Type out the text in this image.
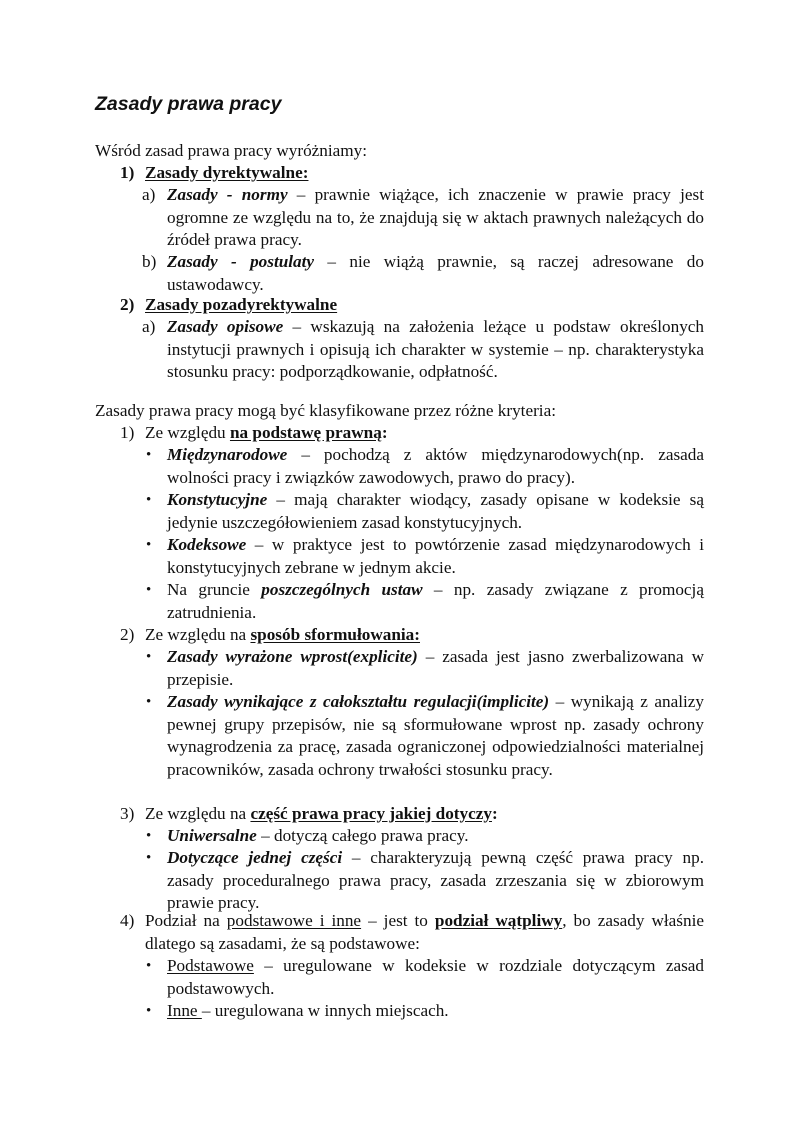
Zasady prawa pracy
Wśród zasad prawa pracy wyróżniamy:
1) Zasady dyrektywalne:
a) Zasady - normy – prawnie wiążące, ich znaczenie w prawie pracy jest ogromne ze względu na to, że znajdują się w aktach prawnych należących do źródeł prawa pracy.
b) Zasady - postulaty – nie wiążą prawnie, są raczej adresowane do ustawodawcy.
2) Zasady pozadyrektywalne
a) Zasady opisowe – wskazują na założenia leżące u podstaw określonych instytucji prawnych i opisują ich charakter w systemie – np. charakterystyka stosunku pracy: podporządkowanie, odpłatność.
Zasady prawa pracy mogą być klasyfikowane przez różne kryteria:
1) Ze względu na podstawę prawną:
• Międzynarodowe – pochodzą z aktów międzynarodowych(np. zasada wolności pracy i związków zawodowych, prawo do pracy).
• Konstytucyjne – mają charakter wiodący, zasady opisane w kodeksie są jedynie uszczegółowieniem zasad konstytucyjnych.
• Kodeksowe – w praktyce jest to powtórzenie zasad międzynarodowych i konstytucyjnych zebrane w jednym akcie.
• Na gruncie poszczególnych ustaw – np. zasady związane z promocją zatrudnienia.
2) Ze względu na sposób sformułowania:
• Zasady wyrażone wprost(explicite) – zasada jest jasno zwerbalizowana w przepisie.
• Zasady wynikające z całokształtu regulacji(implicite) – wynikają z analizy pewnej grupy przepisów, nie są sformułowane wprost np. zasady ochrony wynagrodzenia za pracę, zasada ograniczonej odpowiedzialności materialnej pracowników, zasada ochrony trwałości stosunku pracy.
3) Ze względu na część prawa pracy jakiej dotyczy:
• Uniwersalne – dotyczą całego prawa pracy.
• Dotyczące jednej części – charakteryzują pewną część prawa pracy np. zasady proceduralnego prawa pracy, zasada zrzeszania się w zbiorowym prawie pracy.
4) Podział na podstawowe i inne – jest to podział wątpliwy, bo zasady właśnie dlatego są zasadami, że są podstawowe:
• Podstawowe – uregulowane w kodeksie w rozdziale dotyczącym zasad podstawowych.
• Inne – uregulowana w innych miejscach.
